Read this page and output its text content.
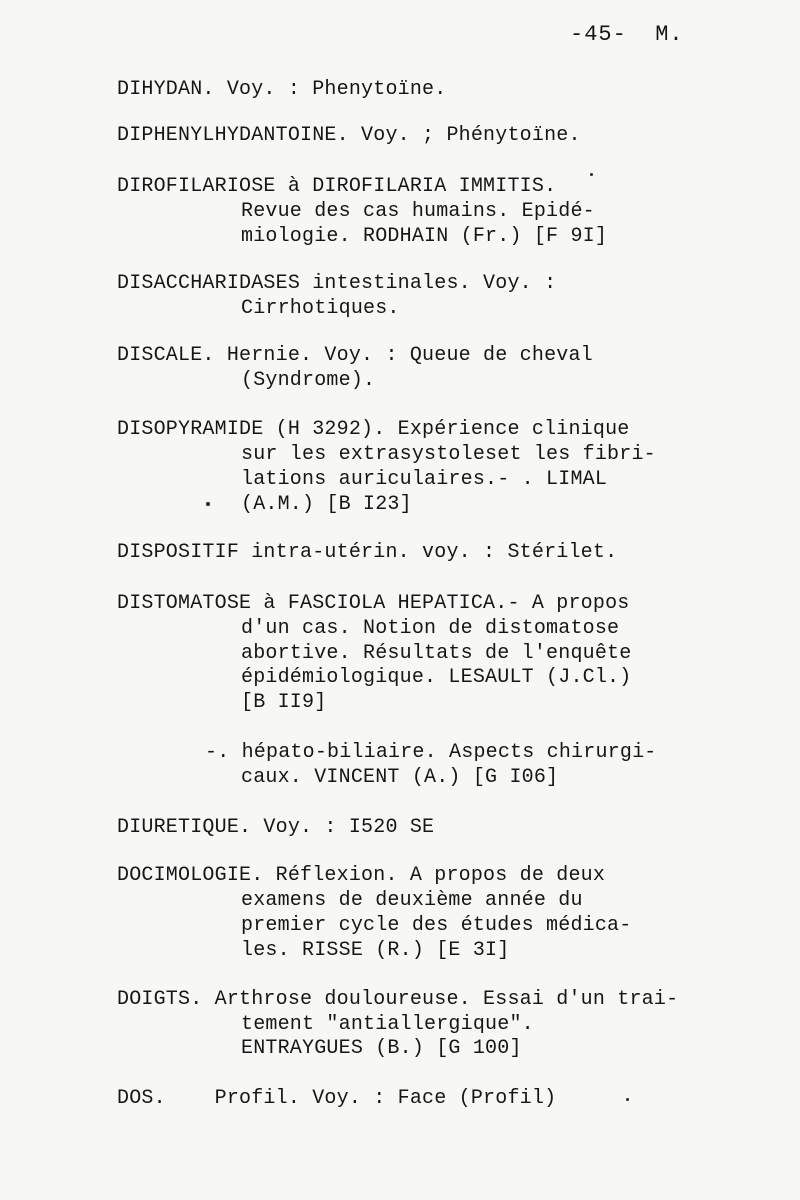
-45-  M.
DIHYDAN. Voy. : Phenytoïne.
DIPHENYLHYDANTOINE. Voy. ; Phénytoïne.
DIROFILARIOSE à DIROFILARIA IMMITIS.
Revue des cas humains. Epidé-
miologie. RODHAIN (Fr.) [F 9I]
DISACCHARIDASES intestinales. Voy. :
Cirrhotiques.
DISCALE. Hernie. Voy. : Queue de cheval
(Syndrome).
DISOPYRAMIDE (H 3292). Expérience clinique
sur les extrasystoleset les fibri-
lations auriculaires.- . LIMAL
(A.M.) [B I23]
DISPOSITIF intra-utérin. voy. : Stérilet.
DISTOMATOSE à FASCIOLA HEPATICA.- A propos
d'un cas. Notion de distomatose
abortive. Résultats de l'enquête
épidémiologique. LESAULT (J.Cl.)
[B II9]
-. hépato-biliaire. Aspects chirurgi-
caux. VINCENT (A.) [G I06]
DIURETIQUE. Voy. : I520 SE
DOCIMOLOGIE. Réflexion. A propos de deux
examens de deuxième année du
premier cycle des études médica-
les. RISSE (R.) [E 3I]
DOIGTS. Arthrose douloureuse. Essai d'un trai-
tement "antiallergique".
ENTRAYGUES (B.) [G 100]
DOS.    Profil. Voy. : Face (Profil)
